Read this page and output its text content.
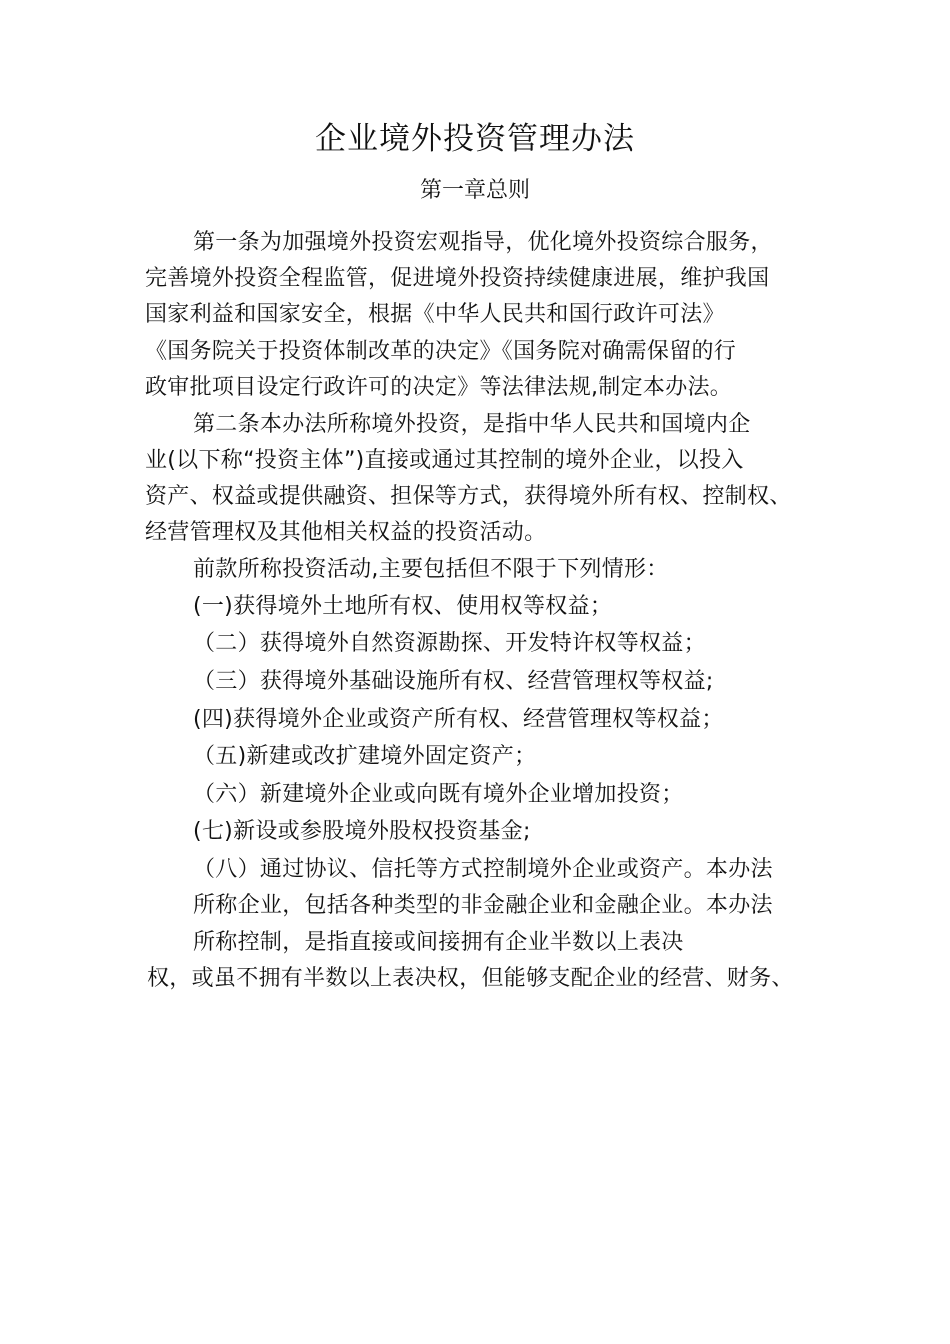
企业境外投资管理办法
第一章总则
第一条为加强境外投资宏观指导，优化境外投资综合服务，
完善境外投资全程监管，促进境外投资持续健康进展，维护我国
国家利益和国家安全，根据《中华人民共和国行政许可法》
《国务院关于投资体制改革的决定》《国务院对确需保留的行
政审批项目设定行政许可的决定》等法律法规,制定本办法。
第二条本办法所称境外投资，是指中华人民共和国境内企
业(以下称“投资主体”)直接或通过其控制的境外企业，以投入
资产、权益或提供融资、担保等方式，获得境外所有权、控制权、
经营管理权及其他相关权益的投资活动。
前款所称投资活动,主要包括但不限于下列情形：
(一)获得境外土地所有权、使用权等权益；
（二）获得境外自然资源勘探、开发特许权等权益；
（三）获得境外基础设施所有权、经营管理权等权益;
(四)获得境外企业或资产所有权、经营管理权等权益；
（五)新建或改扩建境外固定资产；
（六）新建境外企业或向既有境外企业增加投资；
(七)新设或参股境外股权投资基金;
（八）通过协议、信托等方式控制境外企业或资产。本办法
所称企业，包括各种类型的非金融企业和金融企业。本办法
所称控制，是指直接或间接拥有企业半数以上表决
权，或虽不拥有半数以上表决权，但能够支配企业的经营、财务、
